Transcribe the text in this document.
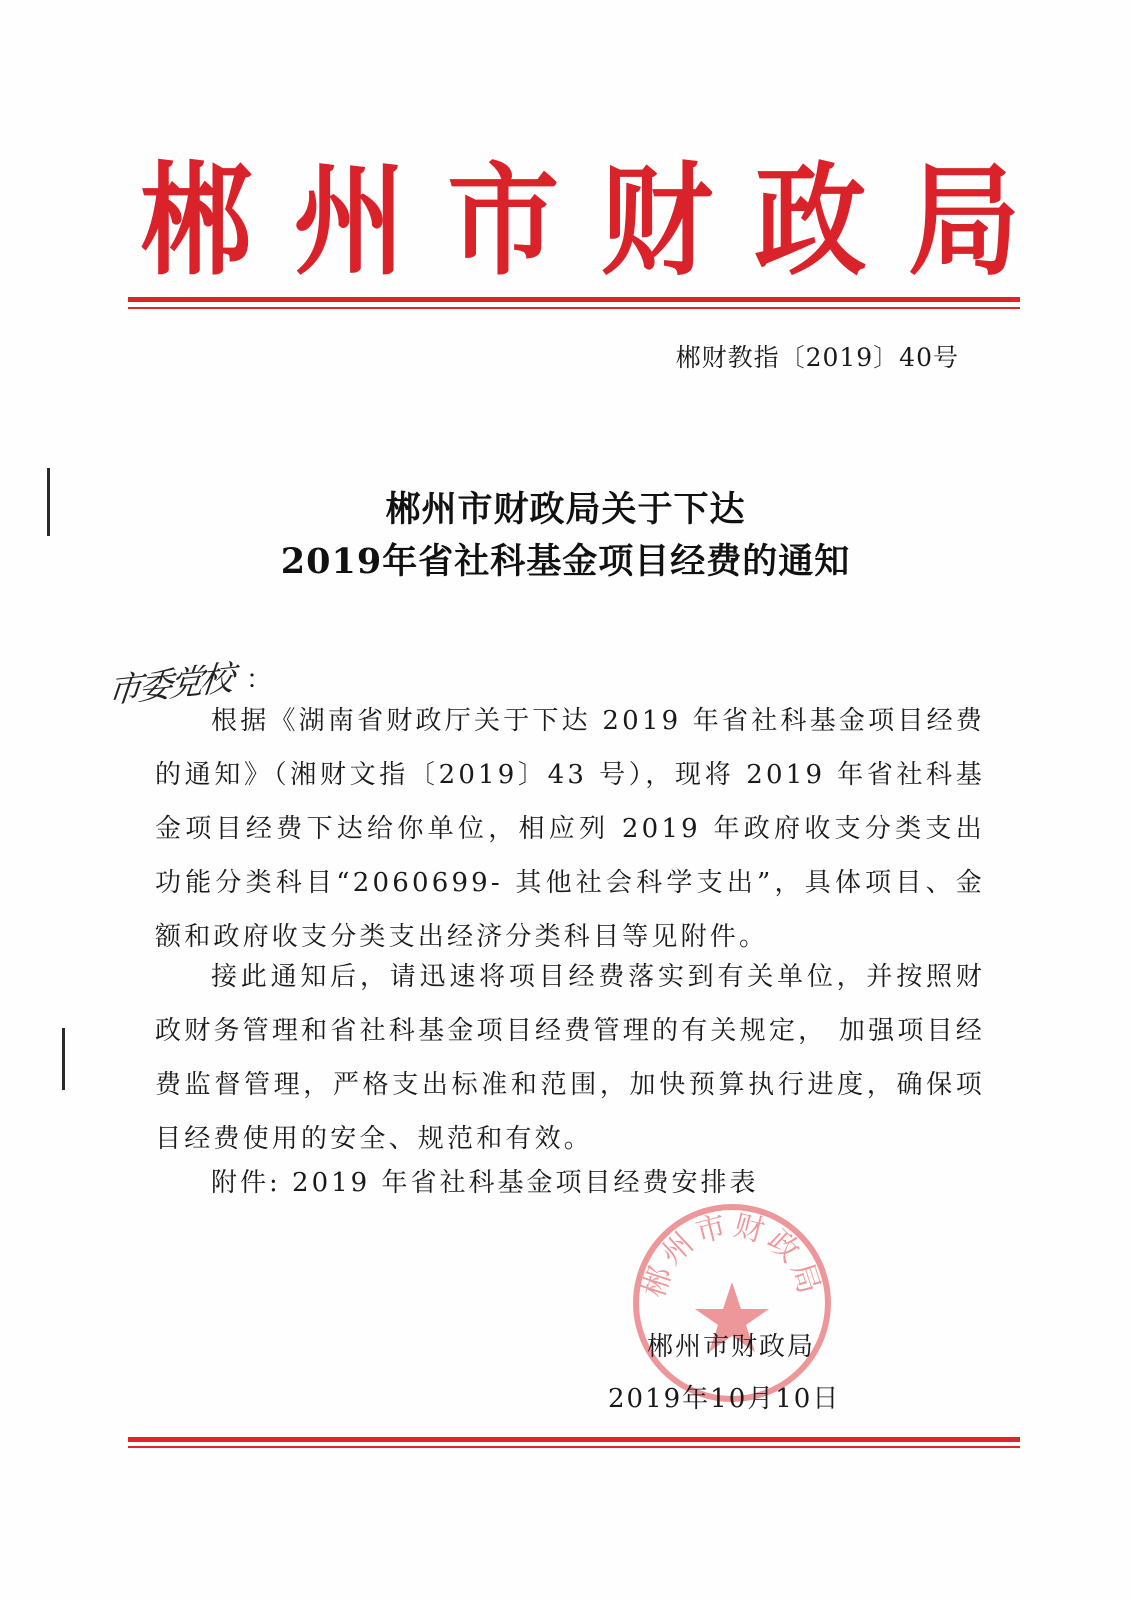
郴 州 市 财 政 局
郴财教指〔2019〕40号
郴州市财政局关于下达
2019年省社科基金项目经费的通知
市委党校 ：

根据《湖南省财政厅关于下达 2019 年省社科基金项目经费的通知》（湘财文指〔2019〕43 号），现将 2019 年省社科基金项目经费下达给你单位，相应列 2019 年政府收支分类支出功能分类科目“2060699- 其他社会科学支出”，具体项目、金额和政府收支分类支出经济分类科目等见附件。

接此通知后，请迅速将项目经费落实到有关单位，并按照财政财务管理和省社科基金项目经费管理的有关规定， 加强项目经费监督管理，严格支出标准和范围，加快预算执行进度，确保项目经费使用的安全、规范和有效。

附件: 2019 年省社科基金项目经费安排表
郴州市财政局
郴州市财政局
2019年10月10日
